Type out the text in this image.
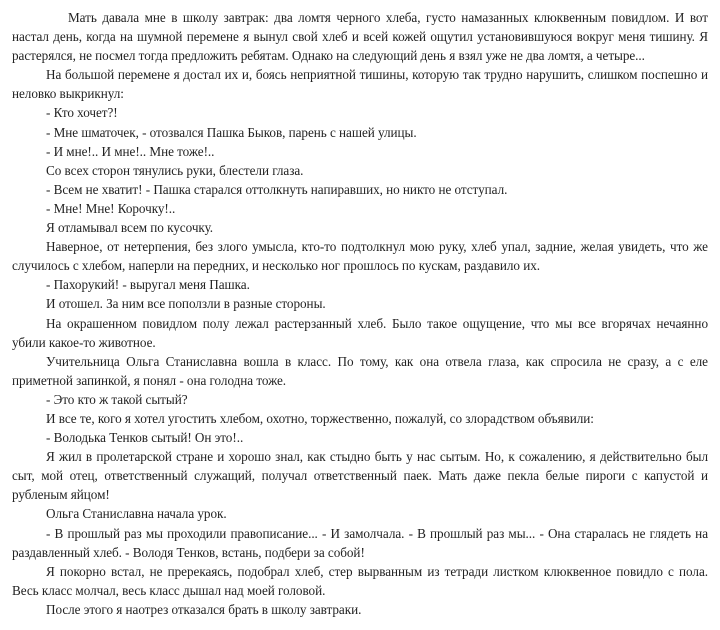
Мать давала мне в школу завтрак: два ломтя черного хлеба, густо намазанных клюквенным повидлом. И вот настал день, когда на шумной перемене я вынул свой хлеб и всей кожей ощутил установившуюся вокруг меня тишину. Я растерялся, не посмел тогда предложить ребятам. Однако на следующий день я взял уже не два ломтя, а четыре...

На большой перемене я достал их и, боясь неприятной тишины, которую так трудно нарушить, слишком поспешно и неловко выкрикнул:

- Кто хочет?!

- Мне шматочек, - отозвался Пашка Быков, парень с нашей улицы.

- И мне!.. И мне!.. Мне тоже!..

Со всех сторон тянулись руки, блестели глаза.

- Всем не хватит! - Пашка старался оттолкнуть напиравших, но никто не отступал.

- Мне! Мне! Корочку!..

Я отламывал всем по кусочку.

Наверное, от нетерпения, без злого умысла, кто-то подтолкнул мою руку, хлеб упал, задние, желая увидеть, что же случилось с хлебом, наперли на передних, и несколько ног прошлось по кускам, раздавило их.

- Пахорукий! - выругал меня Пашка.

И отошел. За ним все поползли в разные стороны.

На окрашенном повидлом полу лежал растерзанный хлеб. Было такое ощущение, что мы все вгорячах нечаянно убили какое-то животное.

Учительница Ольга Станиславна вошла в класс. По тому, как она отвела глаза, как спросила не сразу, а с еле приметной запинкой, я понял - она голодна тоже.

- Это кто ж такой сытый?

И все те, кого я хотел угостить хлебом, охотно, торжественно, пожалуй, со злорадством объявили:

- Володька Тенков сытый! Он это!..

Я жил в пролетарской стране и хорошо знал, как стыдно быть у нас сытым. Но, к сожалению, я действительно был сыт, мой отец, ответственный служащий, получал ответственный паек. Мать даже пекла белые пироги с капустой и рубленым яйцом!

Ольга Станиславна начала урок.

- В прошлый раз мы проходили правописание... - И замолчала. - В прошлый раз мы... - Она старалась не глядеть на раздавленный хлеб. - Володя Тенков, встань, подбери за собой!

Я покорно встал, не пререкаясь, подобрал хлеб, стер вырванным из тетради листком клюквенное повидло с пола. Весь класс молчал, весь класс дышал над моей головой.

После этого я наотрез отказался брать в школу завтраки.
